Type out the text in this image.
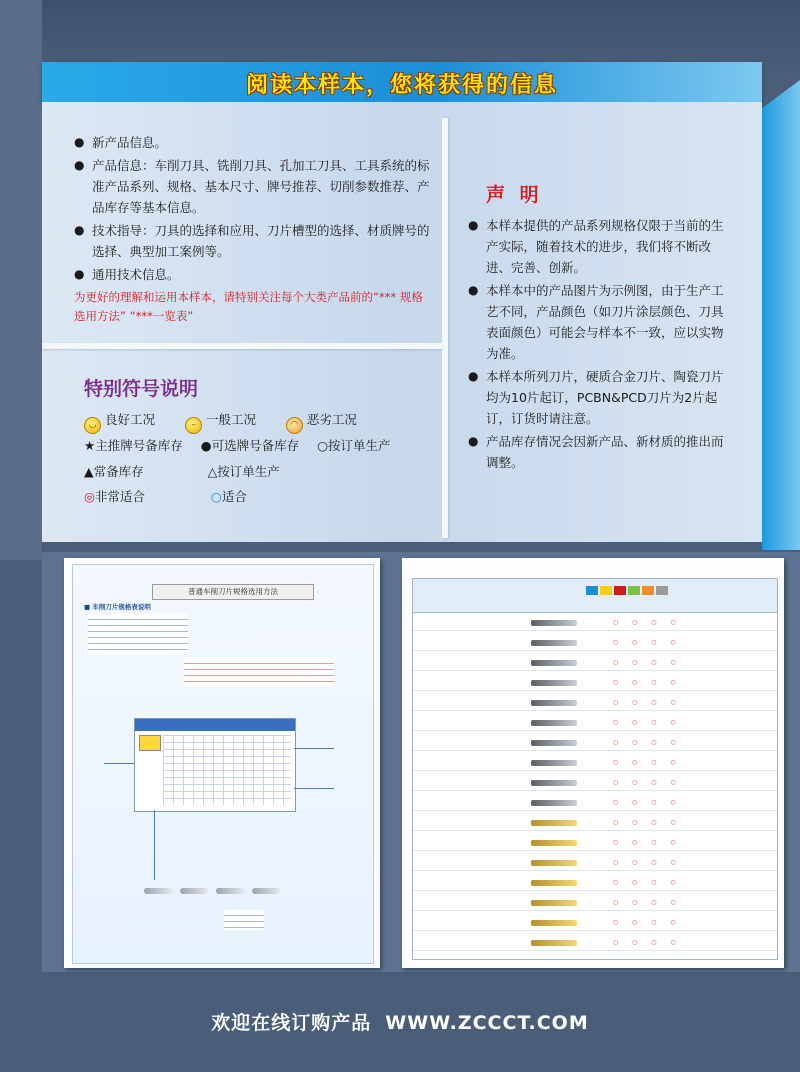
阅读本样本，您将获得的信息
● 新产品信息。
● 产品信息：车削刀具、铣削刀具、孔加工刀具、工具系统的标准产品系列、规格、基本尺寸、牌号推荐、切削参数推荐、产品库存等基本信息。
● 技术指导：刀具的选择和应用、刀片槽型的选择、材质牌号的选择、典型加工案例等。
● 通用技术信息。
为更好的理解和运用本样本，请特别关注每个大类产品前的“*** 规格选用方法” “***一览表”
特别符号说明
◡ 良好工况	– 一般工况	◠ 恶劣工况
★主推牌号备库存 ●可选牌号备库存 ○按订单生产
▲常备库存	△按订单生产
◎非常适合	○适合
声 明
● 本样本提供的产品系列规格仅限于当前的生产实际，随着技术的进步，我们将不断改进、完善、创新。
● 本样本中的产品图片为示例图，由于生产工艺不同，产品颜色（如刀片涂层颜色、刀具表面颜色）可能会与样本不一致，应以实物为准。
● 本样本所列刀片，硬质合金刀片、陶瓷刀片均为10片起订，PCBN&PCD刀片为2片起订，订货时请注意。
● 产品库存情况会因新产品、新材质的推出而调整。
普通车削刀片规格选用方法
■ 车削刀片规格表说明
○ ○ ○ ○
○ ○ ○ ○
○ ○ ○ ○
○ ○ ○ ○
○ ○ ○ ○
○ ○ ○ ○
○ ○ ○ ○
○ ○ ○ ○
○ ○ ○ ○
○ ○ ○ ○
○ ○ ○ ○
○ ○ ○ ○
○ ○ ○ ○
○ ○ ○ ○
○ ○ ○ ○
○ ○ ○ ○
○ ○ ○ ○
欢迎在线订购产品 WWW.ZCCCT.COM
